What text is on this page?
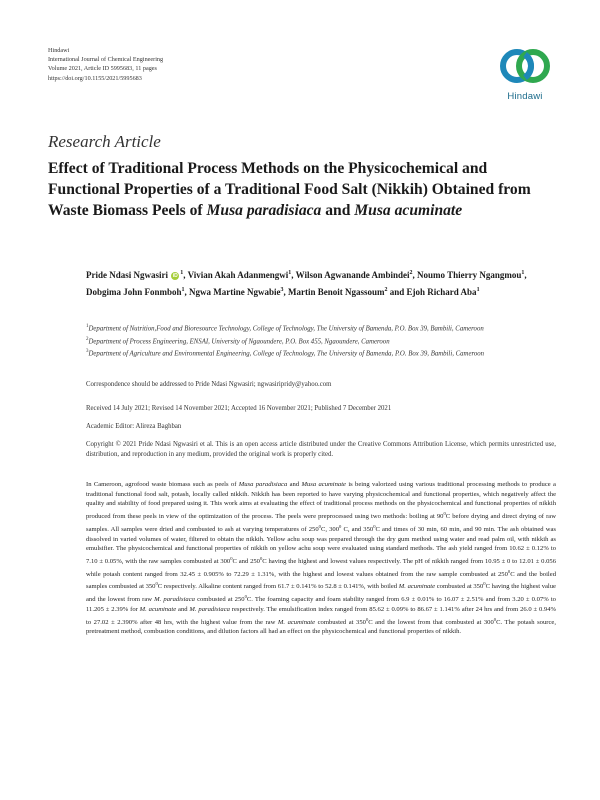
Hindawi
International Journal of Chemical Engineering
Volume 2021, Article ID 5995683, 11 pages
https://doi.org/10.1155/2021/5995683
Hindawi
Research Article
Effect of Traditional Process Methods on the Physicochemical and Functional Properties of a Traditional Food Salt (Nikkih) Obtained from Waste Biomass Peels of Musa paradisiaca and Musa acuminate
Pride Ndasi Ngwasiri iD $^1$, Vivian Akah Adanmengwi$^1$, Wilson Agwanande Ambindei$^2$, Noumo Thierry Ngangmou$^1$, Dobgima John Fonmboh$^1$, Ngwa Martine Ngwabie$^3$, Martin Benoit Ngassoum$^2$ and Ejoh Richard Aba$^1$
$^1$Department of Nutrition,Food and Bioresource Technology, College of Technology, The University of Bamenda, P.O. Box 39, Bambili, Cameroon
$^2$Department of Process Engineering, ENSAI, University of Ngaoundere, P.O. Box 455, Ngaoundere, Cameroon
$^3$Department of Agriculture and Environmental Engineering, College of Technology, The University of Bamenda, P.O. Box 39, Bambili, Cameroon
Correspondence should be addressed to Pride Ndasi Ngwasiri; ngwasiripridy@yahoo.com
Received 14 July 2021; Revised 14 November 2021; Accepted 16 November 2021; Published 7 December 2021
Academic Editor: Alireza Baghban
Copyright © 2021 Pride Ndasi Ngwasiri et al. This is an open access article distributed under the Creative Commons Attribution License, which permits unrestricted use, distribution, and reproduction in any medium, provided the original work is properly cited.
In Cameroon, agrofood waste biomass such as peels of Musa paradisiaca and Musa acuminate is being valorized using various traditional processing methods to produce a traditional functional food salt, potash, locally called nikkih. Nikkih has been reported to have varying physicochemical and functional properties, which negatively affect the quality and stability of food prepared using it. This work aims at evaluating the effect of traditional process methods on the physicochemical and functional properties of nikkih produced from these peels in view of the optimization of the process. The peels were preprocessed using two methods: boiling at $90^0C$ before drying and direct drying of raw samples. All samples were dried and combusted to ash at varying temperatures of $250^0C$, $300^0$ C, and $350^0C$ and times of 30 min, 60 min, and 90 min. The ash obtained was dissolved in varied volumes of water, filtered to obtain the nikkih. Yellow achu soup was prepared through the dry gum method using water and read palm oil, with nikkih as emulsifier. The physicochemical and functional properties of nikkih on yellow achu soup were evaluated using standard methods. The ash yield ranged from 10.62 ± 0.12% to 7.10 ± 0.05%, with the raw samples combusted at $300^0C$ and $250^0C$ having the highest and lowest values respectively. The pH of nikkih ranged from 10.95 ± 0 to 12.01 ± 0.056 while potash content ranged from 32.45 ± 0.905% to 72.29 ± 1.31%, with the highest and lowest values obtained from the raw sample combusted at $250^0C$ and the boiled samples combusted at $350^0C$ respectively. Alkaline content ranged from 61.7 ± 0.141% to 52.8 ± 0.141%, with boiled M. acuminate combusted at $350^0C$ having the highest value and the lowest from raw M. paradisiaca combusted at $250^0C$. The foaming capacity and foam stability ranged from 6.9 ± 0.01% to 16.07 ± 2.51% and from 3.20 ± 0.07% to 11.205 ± 2.39% for M. acuminate and M. paradisiaca respectively. The emulsification index ranged from 85.62 ± 0.09% to 86.67 ± 1.141% after 24 hrs and from 26.0 ± 0.94% to 27.02 ± 2.390% after 48 hrs, with the highest value from the raw M. acuminate combusted at $350^0C$ and the lowest from that combusted at $300^0C$. The potash source, pretreatment method, combustion conditions, and dilution factors all had an effect on the physicochemical and functional properties of nikkih.
